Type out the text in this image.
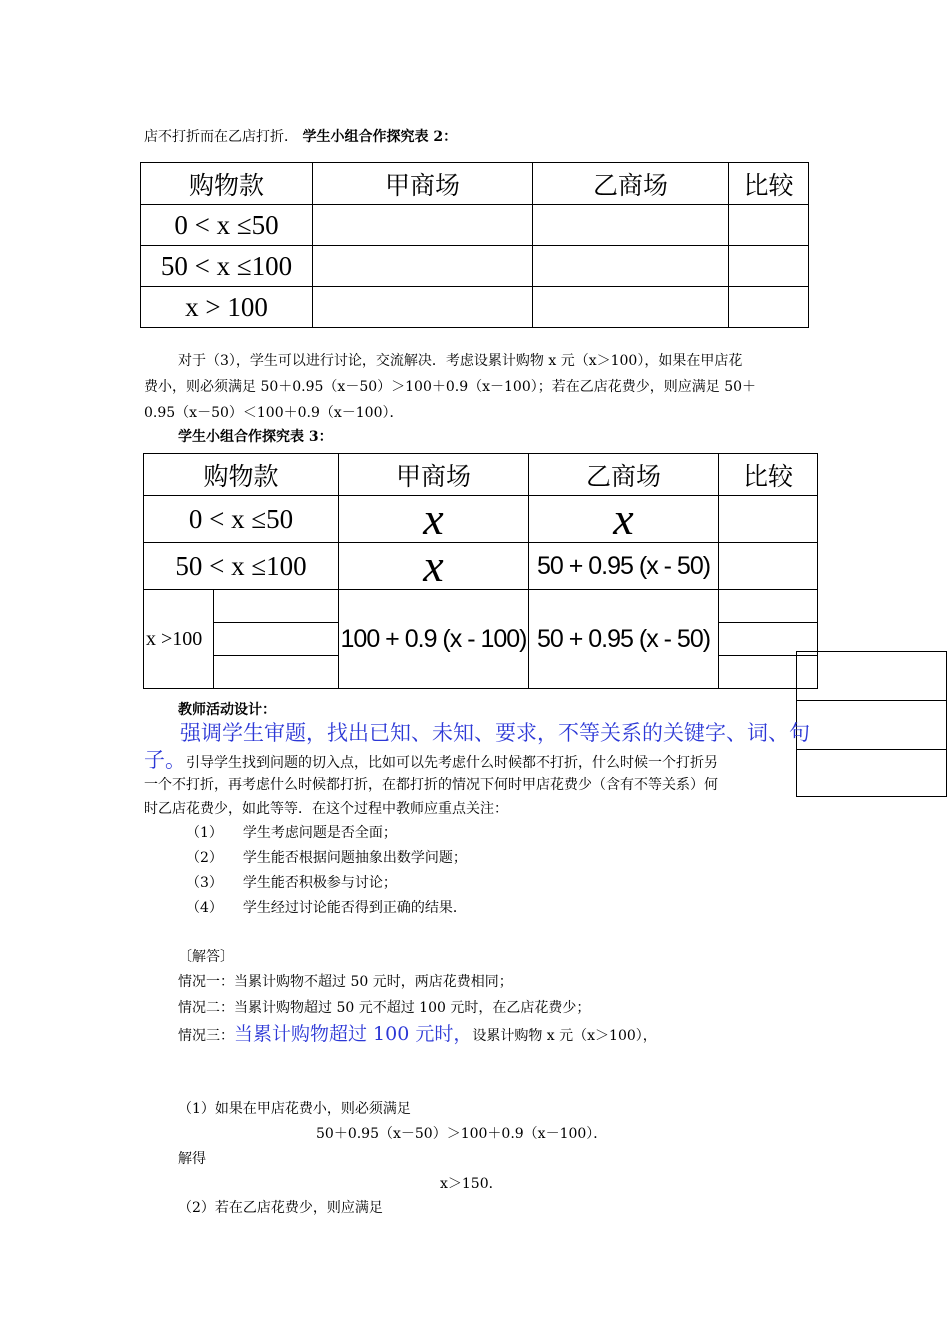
店不打折而在乙店打折． 学生小组合作探究表 2：
购物款	甲商场	乙商场	比较
0 < x ≤50			
50 < x ≤100			
x > 100			
对于（3），学生可以进行讨论，交流解决．考虑设累计购物 x 元（x＞100），如果在甲店花
费小，则必须满足 50＋0.95（x－50）＞100＋0.9（x－100）；若在乙店花费少，则应满足 50＋
0.95（x－50）＜100＋0.9（x－100）．
学生小组合作探究表 3：
购物款		甲商场	乙商场	比较
0 < x ≤50		x	x	
50 < x ≤100		x	50 + 0.95 (x - 50)	
x >100		100 + 0.9 (x - 100)	50 + 0.95 (x - 50)	
教师活动设计：
强调学生审题，找出已知、未知、要求，不等关系的关键字、词、句
子。引导学生找到问题的切入点，比如可以先考虑什么时候都不打折，什么时候一个打折另
一个不打折，再考虑什么时候都打折，在都打折的情况下何时甲店花费少（含有不等关系）何
时乙店花费少，如此等等．在这个过程中教师应重点关注：
（1） 学生考虑问题是否全面；
（2） 学生能否根据问题抽象出数学问题；
（3） 学生能否积极参与讨论；
（4） 学生经过讨论能否得到正确的结果．
〔解答〕
情况一：当累计购物不超过 50 元时，两店花费相同；
情况二：当累计购物超过 50 元不超过 100 元时，在乙店花费少；
情况三：当累计购物超过 100 元时，设累计购物 x 元（x＞100），
（1）如果在甲店花费小，则必须满足
50＋0.95（x－50）＞100＋0.9（x－100）．
解得
x＞150．
（2）若在乙店花费少，则应满足
